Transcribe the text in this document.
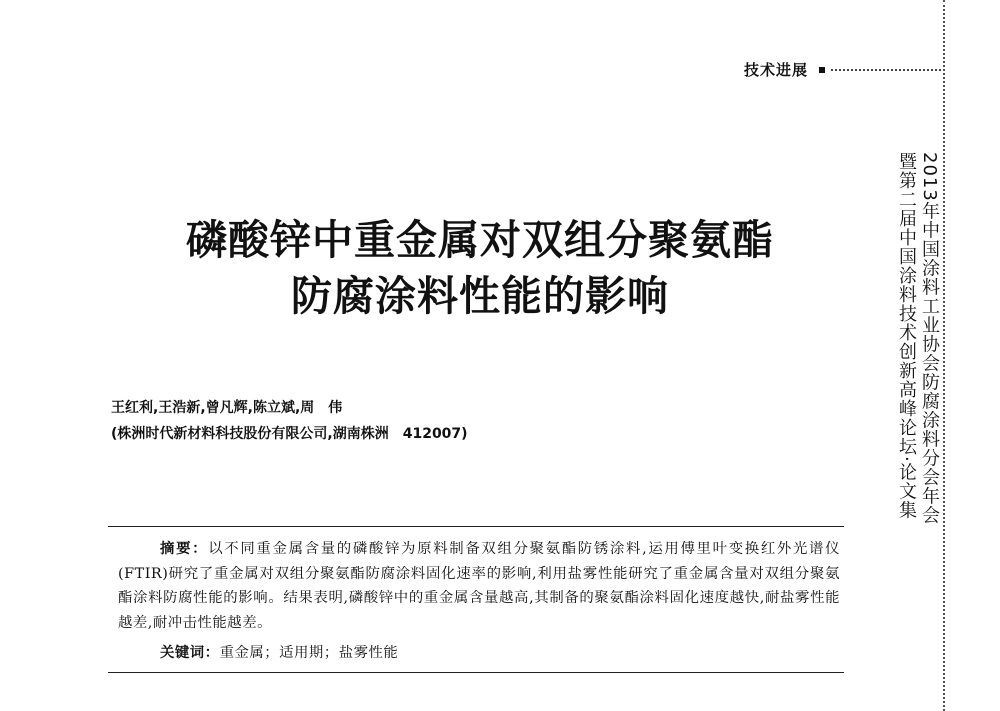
技术进展
2013年中国涂料工业协会防腐涂料分会年会
暨第二届中国涂料技术创新高峰论坛·论文集
磷酸锌中重金属对双组分聚氨酯
防腐涂料性能的影响
王红利,王浩新,曾凡辉,陈立斌,周　伟
(株洲时代新材料科技股份有限公司,湖南株洲　412007)
摘要：以不同重金属含量的磷酸锌为原料制备双组分聚氨酯防锈涂料,运用傅里叶变换红外光谱仪(FTIR)研究了重金属对双组分聚氨酯防腐涂料固化速率的影响,利用盐雾性能研究了重金属含量对双组分聚氨酯涂料防腐性能的影响。结果表明,磷酸锌中的重金属含量越高,其制备的聚氨酯涂料固化速度越快,耐盐雾性能越差,耐冲击性能越差。
关键词：重金属；适用期；盐雾性能
